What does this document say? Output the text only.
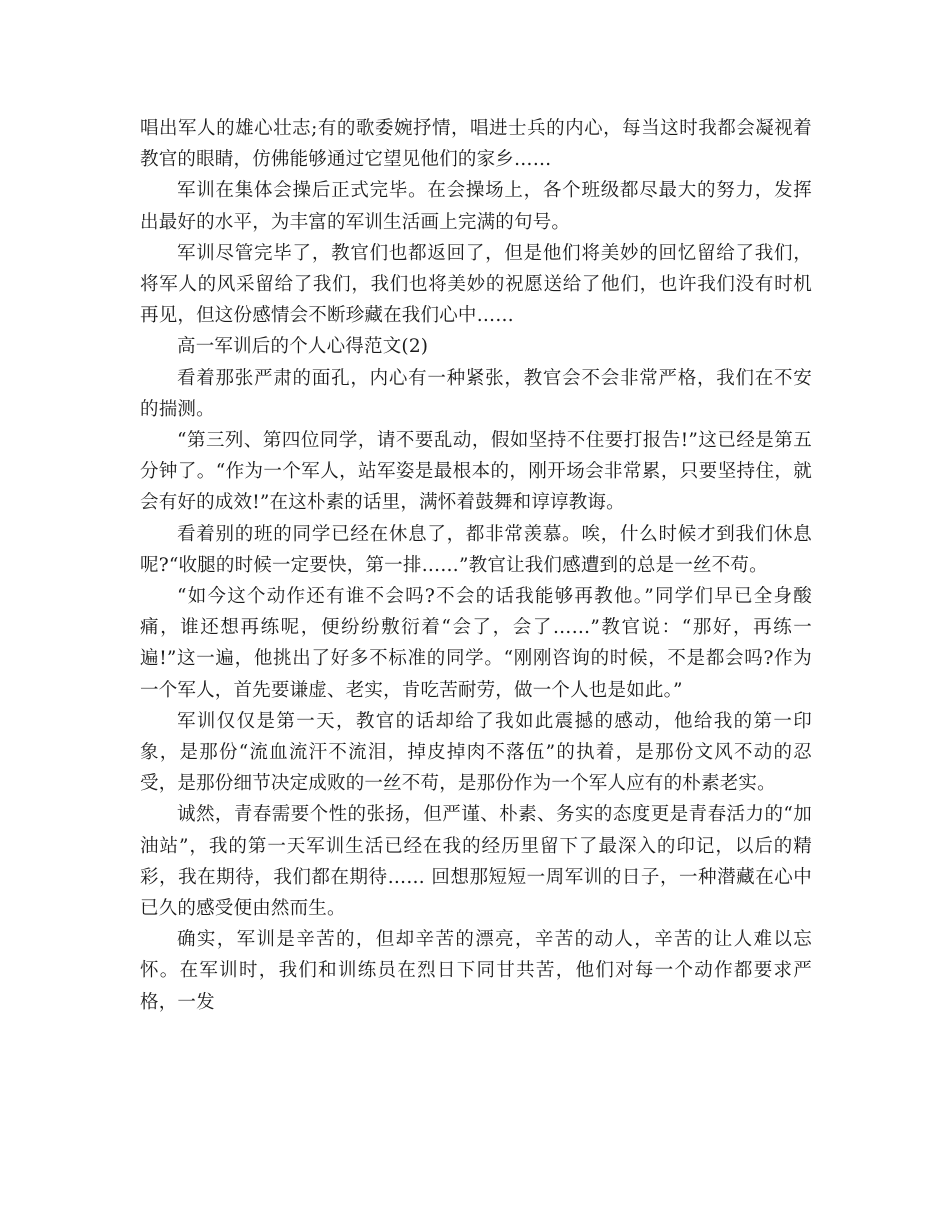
唱出军人的雄心壮志;有的歌委婉抒情，唱进士兵的内心，每当这时我都会凝视着教官的眼睛，仿佛能够通过它望见他们的家乡……

军训在集体会操后正式完毕。在会操场上，各个班级都尽最大的努力，发挥出最好的水平，为丰富的军训生活画上完满的句号。

军训尽管完毕了，教官们也都返回了，但是他们将美妙的回忆留给了我们，将军人的风采留给了我们，我们也将美妙的祝愿送给了他们，也许我们没有时机再见，但这份感情会不断珍藏在我们心中……

高一军训后的个人心得范文(2)

看着那张严肃的面孔，内心有一种紧张，教官会不会非常严格，我们在不安的揣测。

“第三列、第四位同学，请不要乱动，假如坚持不住要打报告!”这已经是第五分钟了。“作为一个军人，站军姿是最根本的，刚开场会非常累，只要坚持住，就会有好的成效!”在这朴素的话里，满怀着鼓舞和谆谆教诲。

看着别的班的同学已经在休息了，都非常羡慕。唉，什么时候才到我们休息呢?“收腿的时候一定要快，第一排……”教官让我们感遭到的总是一丝不苟。

“如今这个动作还有谁不会吗?不会的话我能够再教他。”同学们早已全身酸痛，谁还想再练呢，便纷纷敷衍着“会了，会了……”教官说：“那好，再练一遍!”这一遍，他挑出了好多不标准的同学。“刚刚咨询的时候，不是都会吗?作为一个军人，首先要谦虚、老实，肯吃苦耐劳，做一个人也是如此。”

军训仅仅是第一天，教官的话却给了我如此震撼的感动，他给我的第一印象，是那份“流血流汗不流泪，掉皮掉肉不落伍”的执着，是那份文风不动的忍受，是那份细节决定成败的一丝不苟，是那份作为一个军人应有的朴素老实。

诚然，青春需要个性的张扬，但严谨、朴素、务实的态度更是青春活力的“加油站”，我的第一天军训生活已经在我的经历里留下了最深入的印记，以后的精彩，我在期待，我们都在期待…… 回想那短短一周军训的日子，一种潜藏在心中已久的感受便由然而生。

确实，军训是辛苦的，但却辛苦的漂亮，辛苦的动人，辛苦的让人难以忘怀。在军训时，我们和训练员在烈日下同甘共苦，他们对每一个动作都要求严格，一发
